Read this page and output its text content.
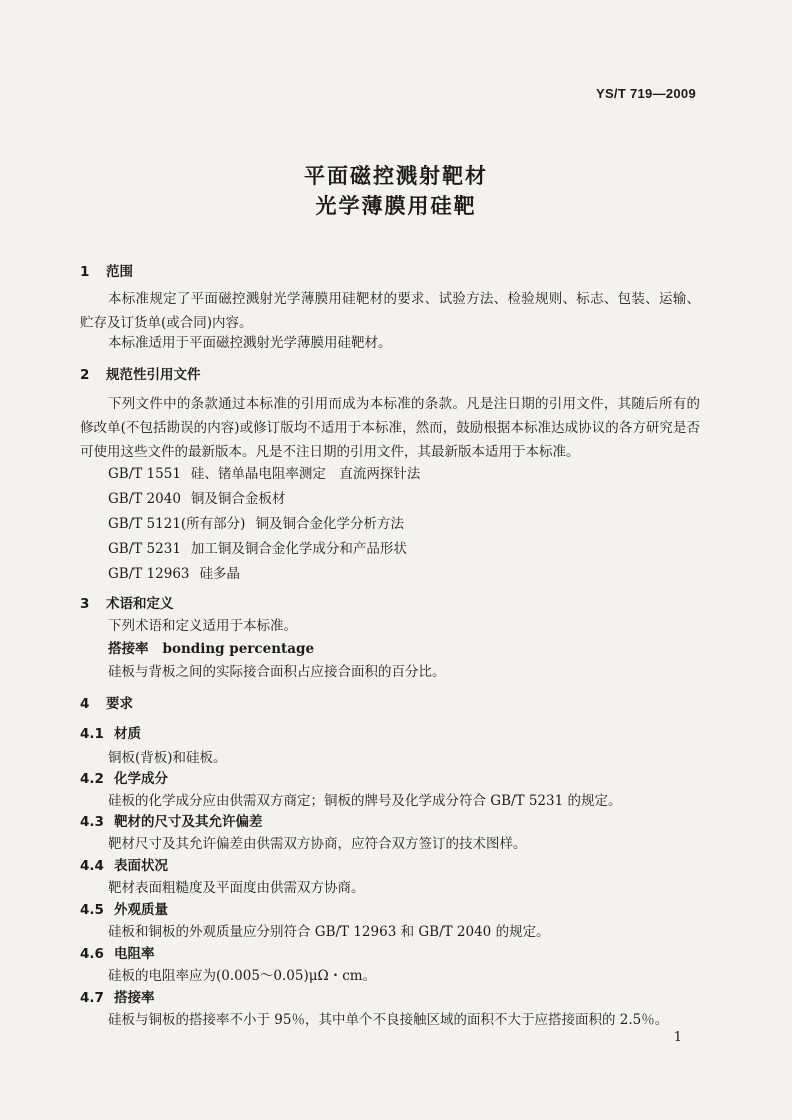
YS/T 719—2009
平面磁控溅射靶材
光学薄膜用硅靶
1 范围
本标准规定了平面磁控溅射光学薄膜用硅靶材的要求、试验方法、检验规则、标志、包装、运输、贮存及订货单(或合同)内容。
本标准适用于平面磁控溅射光学薄膜用硅靶材。
2 规范性引用文件
下列文件中的条款通过本标准的引用而成为本标准的条款。凡是注日期的引用文件，其随后所有的修改单(不包括勘误的内容)或修订版均不适用于本标准，然而，鼓励根据本标准达成协议的各方研究是否可使用这些文件的最新版本。凡是不注日期的引用文件，其最新版本适用于本标准。
GB/T 1551 硅、锗单晶电阻率测定　直流两探针法
GB/T 2040 铜及铜合金板材
GB/T 5121(所有部分) 铜及铜合金化学分析方法
GB/T 5231 加工铜及铜合金化学成分和产品形状
GB/T 12963 硅多晶
3 术语和定义
下列术语和定义适用于本标准。
搭接率 bonding percentage
硅板与背板之间的实际接合面积占应接合面积的百分比。
4 要求
4.1 材质
铜板(背板)和硅板。
4.2 化学成分
硅板的化学成分应由供需双方商定；铜板的牌号及化学成分符合 GB/T 5231 的规定。
4.3 靶材的尺寸及其允许偏差
靶材尺寸及其允许偏差由供需双方协商，应符合双方签订的技术图样。
4.4 表面状况
靶材表面粗糙度及平面度由供需双方协商。
4.5 外观质量
硅板和铜板的外观质量应分别符合 GB/T 12963 和 GB/T 2040 的规定。
4.6 电阻率
硅板的电阻率应为(0.005～0.05)μΩ・cm。
4.7 搭接率
硅板与铜板的搭接率不小于 95％，其中单个不良接触区域的面积不大于应搭接面积的 2.5％。
1
